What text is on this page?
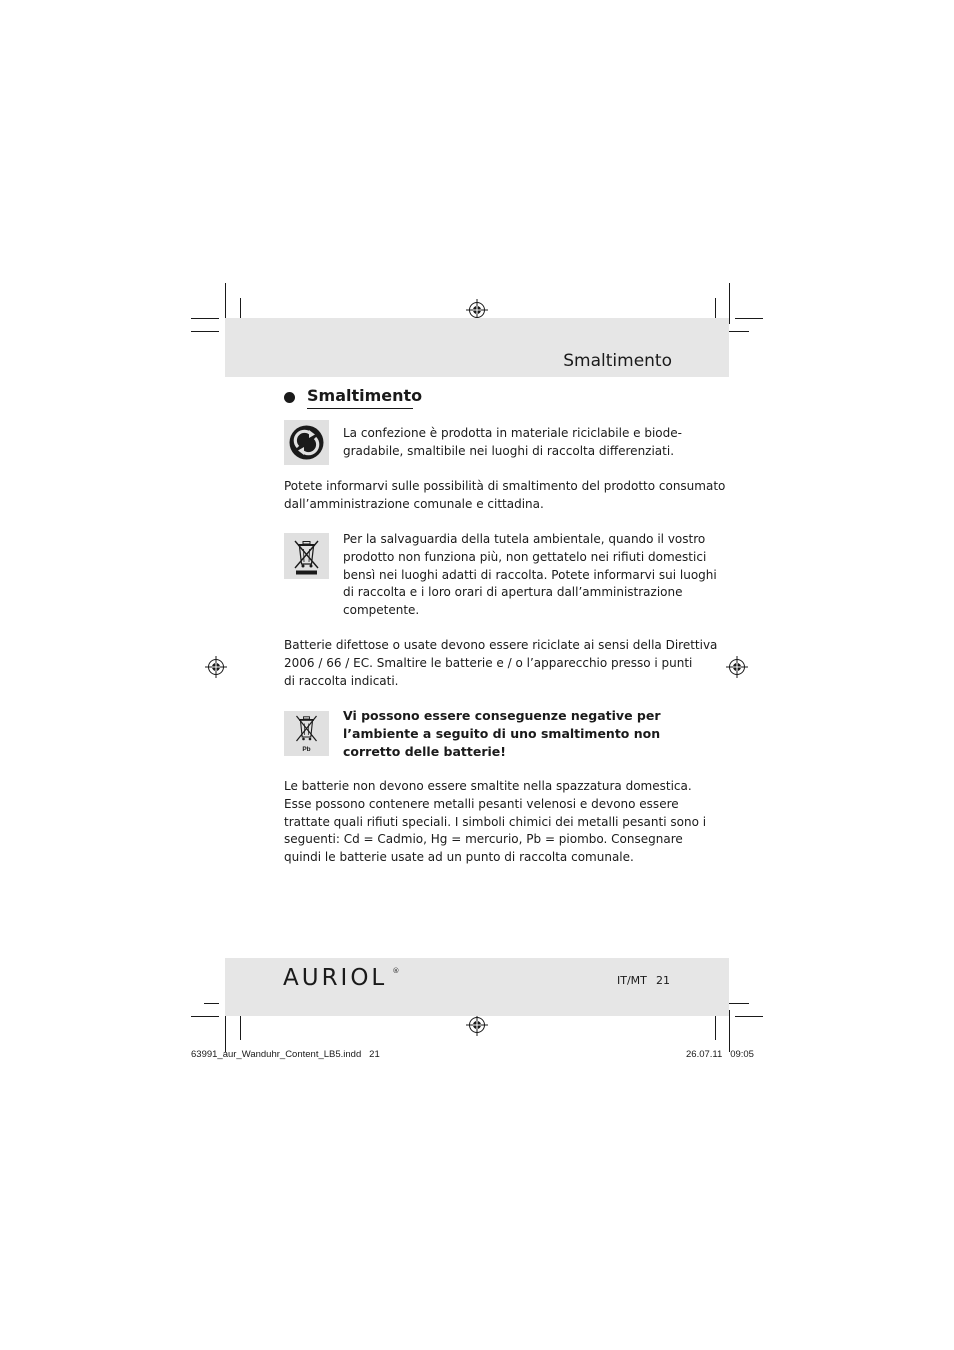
Smaltimento
Smaltimento
La confezione è prodotta in materiale riciclabile e biode-
gradabile, smaltibile nei luoghi di raccolta differenziati.
Potete informarvi sulle possibilità di smaltimento del prodotto consumato
dall’amministrazione comunale e cittadina.
Per la salvaguardia della tutela ambientale, quando il vostro
prodotto non funziona più, non gettatelo nei rifiuti domestici
bensì nei luoghi adatti di raccolta. Potete informarvi sui luoghi
di raccolta e i loro orari di apertura dall’amministrazione
competente.
Batterie difettose o usate devono essere riciclate ai sensi della Direttiva
2006 / 66 / EC. Smaltire le batterie e / o l’apparecchio presso i punti
di raccolta indicati.
Pb
Vi possono essere conseguenze negative per
l’ambiente a seguito di uno smaltimento non
corretto delle batterie!
Le batterie non devono essere smaltite nella spazzatura domestica.
Esse possono contenere metalli pesanti velenosi e devono essere
trattate quali rifiuti speciali. I simboli chimici dei metalli pesanti sono i
seguenti: Cd = Cadmio, Hg = mercurio, Pb = piombo. Consegnare
quindi le batterie usate ad un punto di raccolta comunale.
AURIOL ®
IT/MT 21
63991_aur_Wanduhr_Content_LB5.indd   21	26.07.11   09:05
